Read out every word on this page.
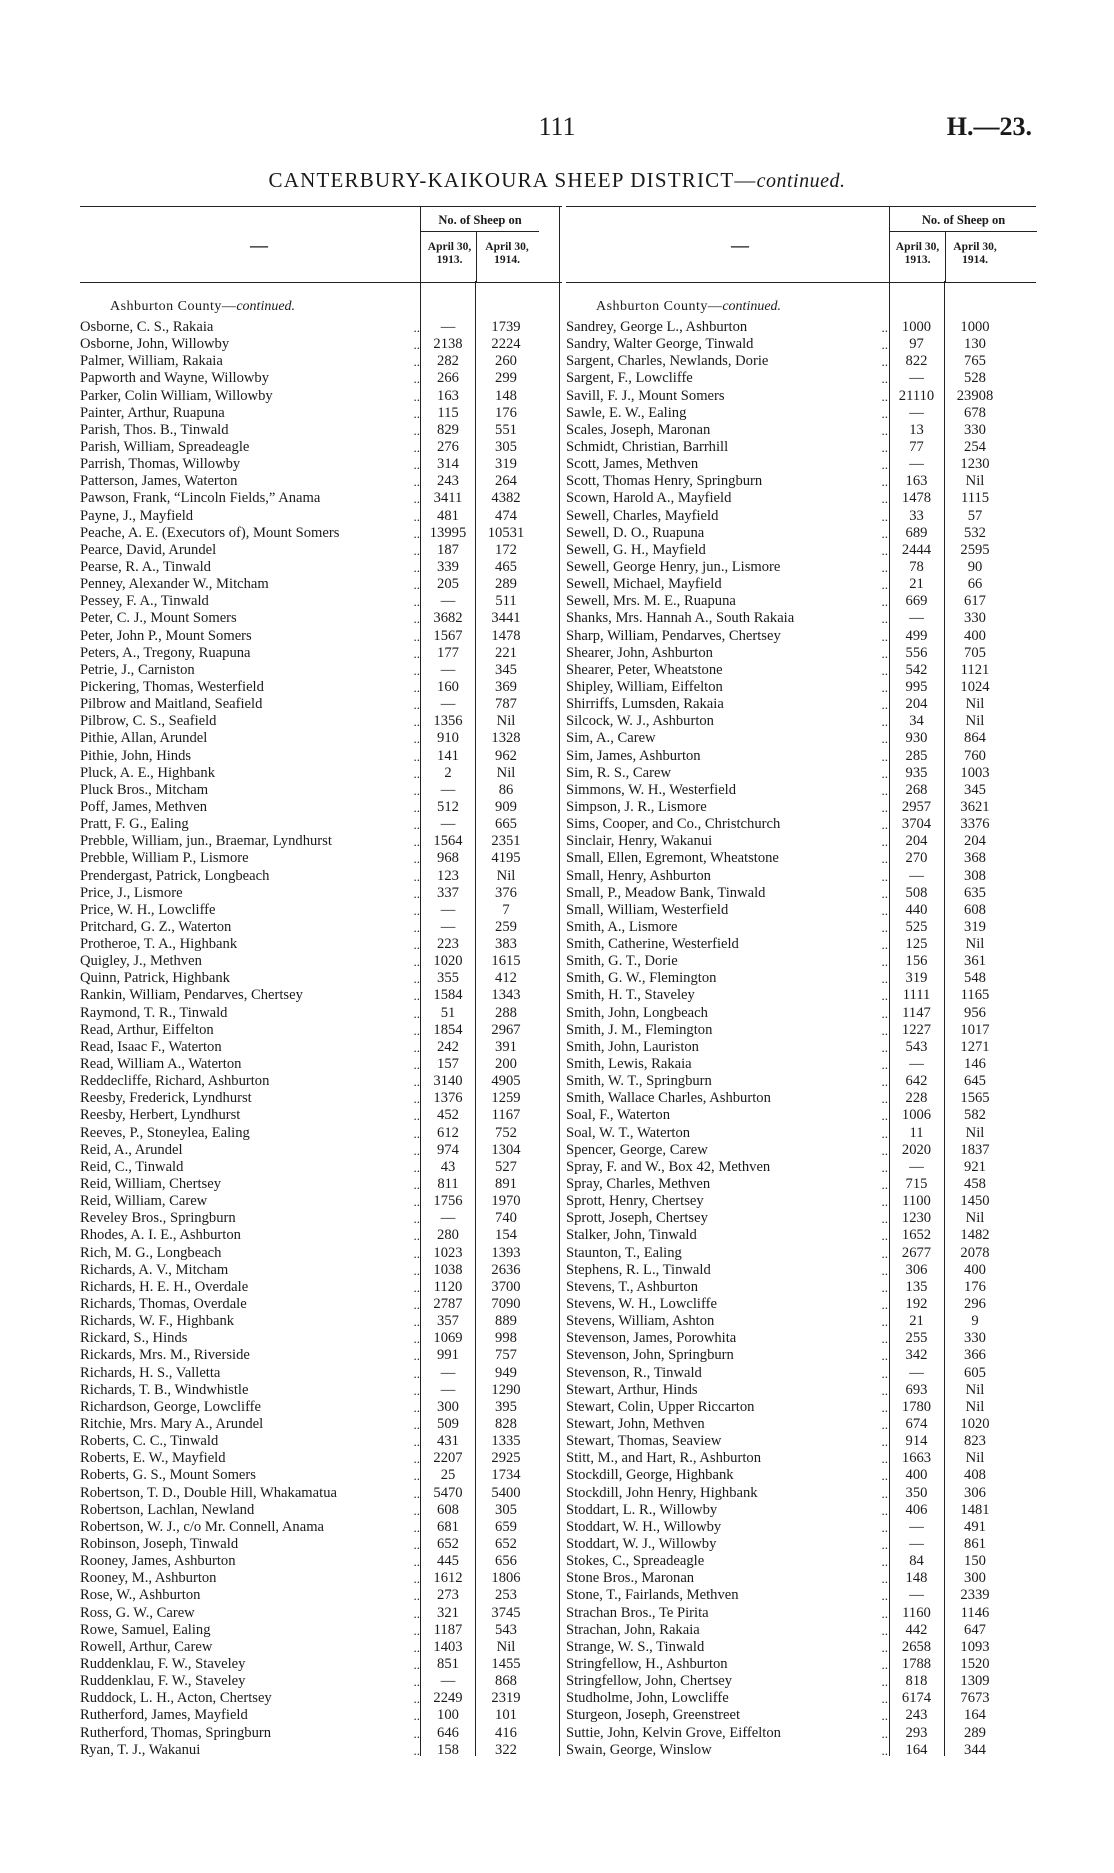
111	H.—23.
CANTERBURY-KAIKOURA SHEEP DISTRICT—continued.
—
No. of Sheep on
April 30, 1913.
April 30, 1914.
Ashburton County—continued.
Osborne, C. S., Rakaia	..	—	1739
Osborne, John, Willowby	.. 2138	2224
Palmer, William, Rakaia	..	282	260
Papworth and Wayne, Willowby	..	266	299
Parker, Colin William, Willowby	..	163	148
Painter, Arthur, Ruapuna	..	115	176
Parish, Thos. B., Tinwald	..	829	551
Parish, William, Spreadeagle	..	276	305
Parrish, Thomas, Willowby	..	314	319
Patterson, James, Waterton	..	243	264
Pawson, Frank, “Lincoln Fields,” Anama	.. 3411	4382
Payne, J., Mayfield	..	481	474
Peache, A. E. (Executors of), Mount Somers	.. 13995	10531
Pearce, David, Arundel	..	187	172
Pearse, R. A., Tinwald	..	339	465
Penney, Alexander W., Mitcham	..	205	289
Pessey, F. A., Tinwald	..	—	511
Peter, C. J., Mount Somers	.. 3682	3441
Peter, John P., Mount Somers	.. 1567	1478
Peters, A., Tregony, Ruapuna	..	177	221
Petrie, J., Carniston	..	—	345
Pickering, Thomas, Westerfield	..	160	369
Pilbrow and Maitland, Seafield	..	—	787
Pilbrow, C. S., Seafield	.. 1356	Nil
Pithie, Allan, Arundel	..	910	1328
Pithie, John, Hinds	..	141	962
Pluck, A. E., Highbank	..	2	Nil
Pluck Bros., Mitcham	..	—	86
Poff, James, Methven	..	512	909
Pratt, F. G., Ealing	..	—	665
Prebble, William, jun., Braemar, Lyndhurst	.. 1564	2351
Prebble, William P., Lismore	..	968	4195
Prendergast, Patrick, Longbeach	..	123	Nil
Price, J., Lismore	..	337	376
Price, W. H., Lowcliffe	..	—	7
Pritchard, G. Z., Waterton	..	—	259
Protheroe, T. A., Highbank	..	223	383
Quigley, J., Methven	.. 1020	1615
Quinn, Patrick, Highbank	..	355	412
Rankin, William, Pendarves, Chertsey	.. 1584	1343
Raymond, T. R., Tinwald	..	51	288
Read, Arthur, Eiffelton	.. 1854	2967
Read, Isaac F., Waterton	..	242	391
Read, William A., Waterton	..	157	200
Reddecliffe, Richard, Ashburton	.. 3140	4905
Reesby, Frederick, Lyndhurst	.. 1376	1259
Reesby, Herbert, Lyndhurst	..	452	1167
Reeves, P., Stoneylea, Ealing	..	612	752
Reid, A., Arundel	..	974	1304
Reid, C., Tinwald	..	43	527
Reid, William, Chertsey	..	811	891
Reid, William, Carew	.. 1756	1970
Reveley Bros., Springburn	..	—	740
Rhodes, A. I. E., Ashburton	..	280	154
Rich, M. G., Longbeach	.. 1023	1393
Richards, A. V., Mitcham	.. 1038	2636
Richards, H. E. H., Overdale	.. 1120	3700
Richards, Thomas, Overdale	.. 2787	7090
Richards, W. F., Highbank	..	357	889
Rickard, S., Hinds	.. 1069	998
Rickards, Mrs. M., Riverside	..	991	757
Richards, H. S., Valletta	..	—	949
Richards, T. B., Windwhistle	..	—	1290
Richardson, George, Lowcliffe	..	300	395
Ritchie, Mrs. Mary A., Arundel	..	509	828
Roberts, C. C., Tinwald	..	431	1335
Roberts, E. W., Mayfield	.. 2207	2925
Roberts, G. S., Mount Somers	..	25	1734
Robertson, T. D., Double Hill, Whakamatua	.. 5470	5400
Robertson, Lachlan, Newland	..	608	305
Robertson, W. J., c/o Mr. Connell, Anama	..	681	659
Robinson, Joseph, Tinwald	..	652	652
Rooney, James, Ashburton	..	445	656
Rooney, M., Ashburton	.. 1612	1806
Rose, W., Ashburton	..	273	253
Ross, G. W., Carew	..	321	3745
Rowe, Samuel, Ealing	.. 1187	543
Rowell, Arthur, Carew	.. 1403	Nil
Ruddenklau, F. W., Staveley	..	851	1455
Ruddenklau, F. W., Staveley	..	—	868
Ruddock, L. H., Acton, Chertsey	.. 2249	2319
Rutherford, James, Mayfield	..	100	101
Rutherford, Thomas, Springburn	..	646	416
Ryan, T. J., Wakanui	..	158	322
—
No. of Sheep on
April 30, 1913.
April 30, 1914.
Ashburton County—continued.
Sandrey, George L., Ashburton	.. 1000	1000
Sandry, Walter George, Tinwald	..	97	130
Sargent, Charles, Newlands, Dorie	..	822	765
Sargent, F., Lowcliffe	..	—	528
Savill, F. J., Mount Somers	.. 21110	23908
Sawle, E. W., Ealing	..	—	678
Scales, Joseph, Maronan	..	13	330
Schmidt, Christian, Barrhill	..	77	254
Scott, James, Methven	..	—	1230
Scott, Thomas Henry, Springburn	..	163	Nil
Scown, Harold A., Mayfield	.. 1478	1115
Sewell, Charles, Mayfield	..	33	57
Sewell, D. O., Ruapuna	..	689	532
Sewell, G. H., Mayfield	.. 2444	2595
Sewell, George Henry, jun., Lismore	..	78	90
Sewell, Michael, Mayfield	..	21	66
Sewell, Mrs. M. E., Ruapuna	..	669	617
Shanks, Mrs. Hannah A., South Rakaia	..	—	330
Sharp, William, Pendarves, Chertsey	..	499	400
Shearer, John, Ashburton	..	556	705
Shearer, Peter, Wheatstone	..	542	1121
Shipley, William, Eiffelton	..	995	1024
Shirriffs, Lumsden, Rakaia	..	204	Nil
Silcock, W. J., Ashburton	..	34	Nil
Sim, A., Carew	..	930	864
Sim, James, Ashburton	..	285	760
Sim, R. S., Carew	..	935	1003
Simmons, W. H., Westerfield	..	268	345
Simpson, J. R., Lismore	.. 2957	3621
Sims, Cooper, and Co., Christchurch	.. 3704	3376
Sinclair, Henry, Wakanui	..	204	204
Small, Ellen, Egremont, Wheatstone	..	270	368
Small, Henry, Ashburton	..	—	308
Small, P., Meadow Bank, Tinwald	..	508	635
Small, William, Westerfield	..	440	608
Smith, A., Lismore	..	525	319
Smith, Catherine, Westerfield	..	125	Nil
Smith, G. T., Dorie	..	156	361
Smith, G. W., Flemington	..	319	548
Smith, H. T., Staveley	..	1111	1165
Smith, John, Longbeach	.. 1147	956
Smith, J. M., Flemington	.. 1227	1017
Smith, John, Lauriston	..	543	1271
Smith, Lewis, Rakaia	..	—	146
Smith, W. T., Springburn	..	642	645
Smith, Wallace Charles, Ashburton	..	228	1565
Soal, F., Waterton	.. 1006	582
Soal, W. T., Waterton	..	11	Nil
Spencer, George, Carew	.. 2020	1837
Spray, F. and W., Box 42, Methven	..	—	921
Spray, Charles, Methven	..	715	458
Sprott, Henry, Chertsey	.. 1100	1450
Sprott, Joseph, Chertsey	.. 1230	Nil
Stalker, John, Tinwald	.. 1652	1482
Staunton, T., Ealing	.. 2677	2078
Stephens, R. L., Tinwald	..	306	400
Stevens, T., Ashburton	..	135	176
Stevens, W. H., Lowcliffe	..	192	296
Stevens, William, Ashton	..	21	9
Stevenson, James, Porowhita	..	255	330
Stevenson, John, Springburn	..	342	366
Stevenson, R., Tinwald	..	—	605
Stewart, Arthur, Hinds	..	693	Nil
Stewart, Colin, Upper Riccarton	.. 1780	Nil
Stewart, John, Methven	..	674	1020
Stewart, Thomas, Seaview	..	914	823
Stitt, M., and Hart, R., Ashburton	.. 1663	Nil
Stockdill, George, Highbank	..	400	408
Stockdill, John Henry, Highbank	..	350	306
Stoddart, L. R., Willowby	..	406	1481
Stoddart, W. H., Willowby	..	—	491
Stoddart, W. J., Willowby	..	—	861
Stokes, C., Spreadeagle	..	84	150
Stone Bros., Maronan	..	148	300
Stone, T., Fairlands, Methven	..	—	2339
Strachan Bros., Te Pirita	.. 1160	1146
Strachan, John, Rakaia	..	442	647
Strange, W. S., Tinwald	.. 2658	1093
Stringfellow, H., Ashburton	.. 1788	1520
Stringfellow, John, Chertsey	..	818	1309
Studholme, John, Lowcliffe	.. 6174	7673
Sturgeon, Joseph, Greenstreet	..	243	164
Suttie, John, Kelvin Grove, Eiffelton	..	293	289
Swain, George, Winslow	..	164	344
